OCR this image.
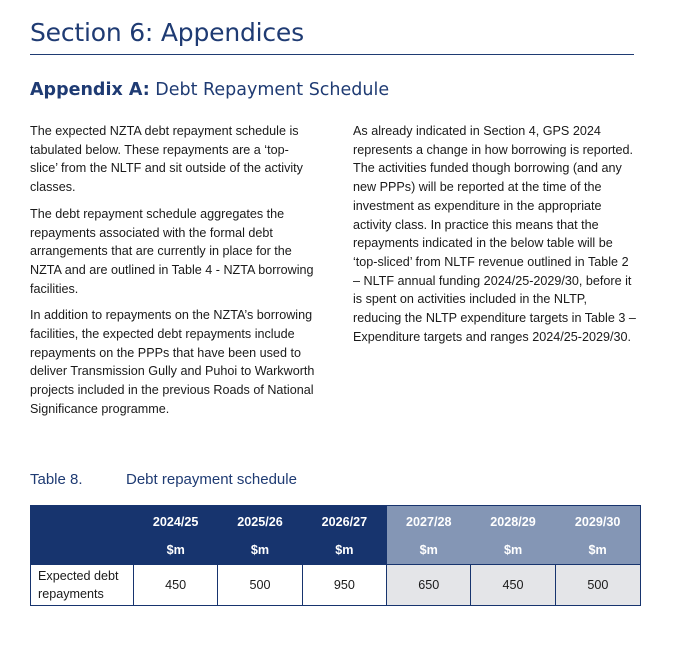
Section 6: Appendices
Appendix A: Debt Repayment Schedule

The expected NZTA debt repayment schedule is tabulated below. These repayments are a ‘top-slice’ from the NLTF and sit outside of the activity classes.

The debt repayment schedule aggregates the repayments associated with the formal debt arrangements that are currently in place for the NZTA and are outlined in Table 4 - NZTA borrowing facilities.

In addition to repayments on the NZTA’s borrowing facilities, the expected debt repayments include repayments on the PPPs that have been used to deliver Transmission Gully and Puhoi to Warkworth projects included in the previous Roads of National Significance programme.

As already indicated in Section 4, GPS 2024 represents a change in how borrowing is reported. The activities funded though borrowing (and any new PPPs) will be reported at the time of the investment as expenditure in the appropriate activity class. In practice this means that the repayments indicated in the below table will be ‘top-sliced’ from NLTF revenue outlined in Table 2 – NLTF annual funding 2024/25-2029/30, before it is spent on activities included in the NLTP, reducing the NLTP expenditure targets in Table 3 – Expenditure targets and ranges 2024/25-2029/30.

Table 8.	Debt repayment schedule
	2024/25	2025/26	2026/27	2027/28	2028/29	2029/30
	$m	$m	$m	$m	$m	$m
Expected debt repayments	450	500	950	650	450	500
